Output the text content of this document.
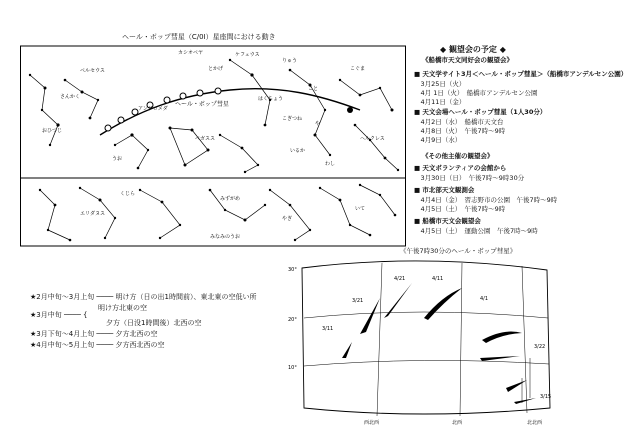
ヘール・ボップ彗星（C/0I）星座間における動き
カシオペヤ
ペルセウス
ケフェウス
アンドロメダ
ペガスス
とかげ
はくちょう
こと
こぐま
りゅう
ヘルクレス
わし
さんかく
おひつじ
うお
いるか
や
こぎつね
くじら
みずがめ
やぎ
みなみのうお
いて
エリダヌス
ヘール・ボップ彗星
◆ 観望会の予定 ◆
《船橋市天文同好会の観望会》
■ 天文学サイト3月＜ヘール・ボップ彗星＞（船橋市アンデルセン公園）
　3月25日（火）
　4月 1日（火）　船橋市アンデルセン公園
　4月11日（金）
■ 天文会場ヘール・ボップ彗星（1人30分）
　4月2日（水）　船橋市天文台
　4月8日（火）　午後7時〜9時
　4月9日（水）
《その他主催の観望会》
■ 天文ボランティアの会館から
　3月30日（日）　午後7時〜9時30分
■ 市北部天文観測会
　4月4日（金）　習志野市の公園　午後7時〜9時
　4月5日（土）　午後7時〜9時
■ 船橋市天文会観望会
　4月5日（土）　運動公園　午後7時〜9時
★2月中旬〜3月上旬 ──── 明け方（日の出1時間前）、東北東の空低い所
明け方北東の空
★3月中旬 ──── {
夕方（日没1時間後）北西の空
★3月下旬〜4月上旬 ──── 夕方北西の空
★4月中旬〜5月上旬 ──── 夕方西北西の空
《午後7時30分のヘール・ボップ彗星》
30°
20°
10°
西北西	北西	北北西
4/21	4/11
4/1
3/21
3/11
3/22
3/15
